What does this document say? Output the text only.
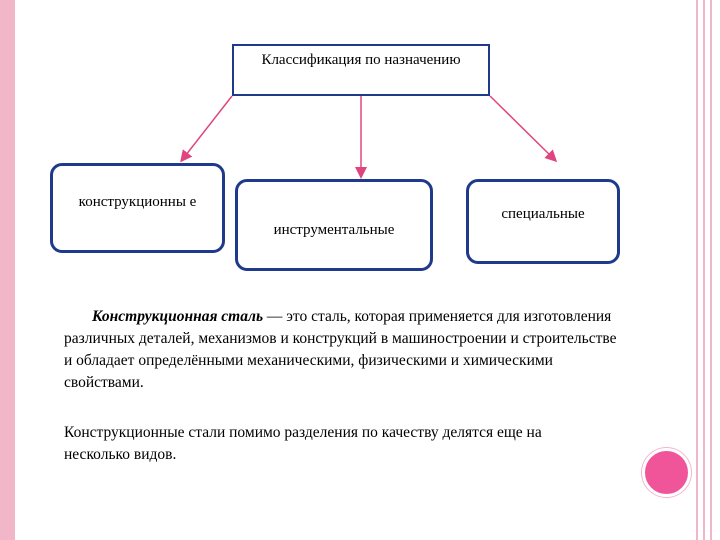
Классификация по назначению
конструкционны е
инструментальные
специальные

Конструкционная сталь — это сталь, которая применяется для изготовления различных деталей, механизмов и конструкций в машиностроении и строительстве и обладает определёнными механическими, физическими и химическими свойствами.

Конструкционные стали помимо разделения по качеству делятся еще на несколько видов.
